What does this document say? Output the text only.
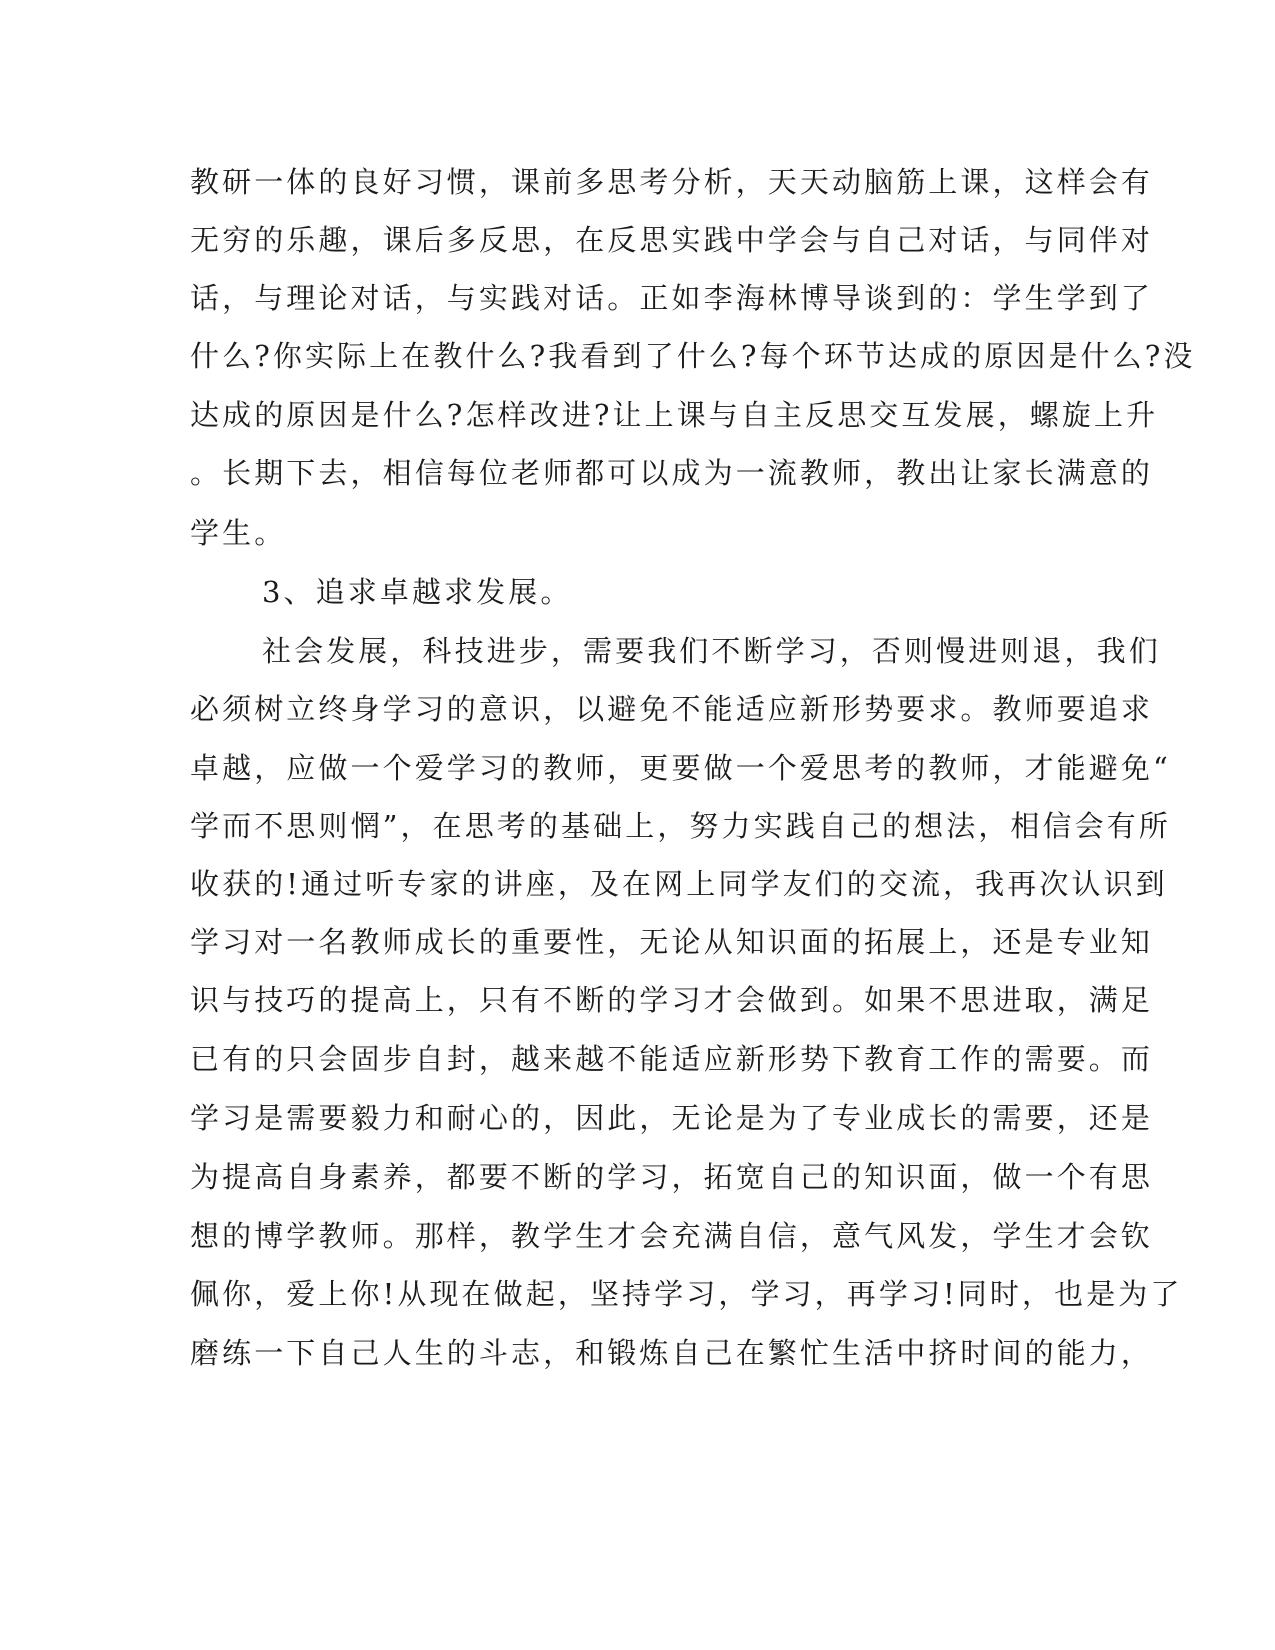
教研一体的良好习惯，课前多思考分析，天天动脑筋上课，这样会有
无穷的乐趣，课后多反思，在反思实践中学会与自己对话，与同伴对
话，与理论对话，与实践对话。正如李海林博导谈到的：学生学到了
什么?你实际上在教什么?我看到了什么?每个环节达成的原因是什么?没
达成的原因是什么?怎样改进?让上课与自主反思交互发展，螺旋上升
。长期下去，相信每位老师都可以成为一流教师，教出让家长满意的
学生。
3、追求卓越求发展。
社会发展，科技进步，需要我们不断学习，否则慢进则退，我们
必须树立终身学习的意识，以避免不能适应新形势要求。教师要追求
卓越，应做一个爱学习的教师，更要做一个爱思考的教师，才能避免“
学而不思则惘”，在思考的基础上，努力实践自己的想法，相信会有所
收获的!通过听专家的讲座，及在网上同学友们的交流，我再次认识到
学习对一名教师成长的重要性，无论从知识面的拓展上，还是专业知
识与技巧的提高上，只有不断的学习才会做到。如果不思进取，满足
已有的只会固步自封，越来越不能适应新形势下教育工作的需要。而
学习是需要毅力和耐心的，因此，无论是为了专业成长的需要，还是
为提高自身素养，都要不断的学习，拓宽自己的知识面，做一个有思
想的博学教师。那样，教学生才会充满自信，意气风发，学生才会钦
佩你，爱上你!从现在做起，坚持学习，学习，再学习!同时，也是为了
磨练一下自己人生的斗志，和锻炼自己在繁忙生活中挤时间的能力，
